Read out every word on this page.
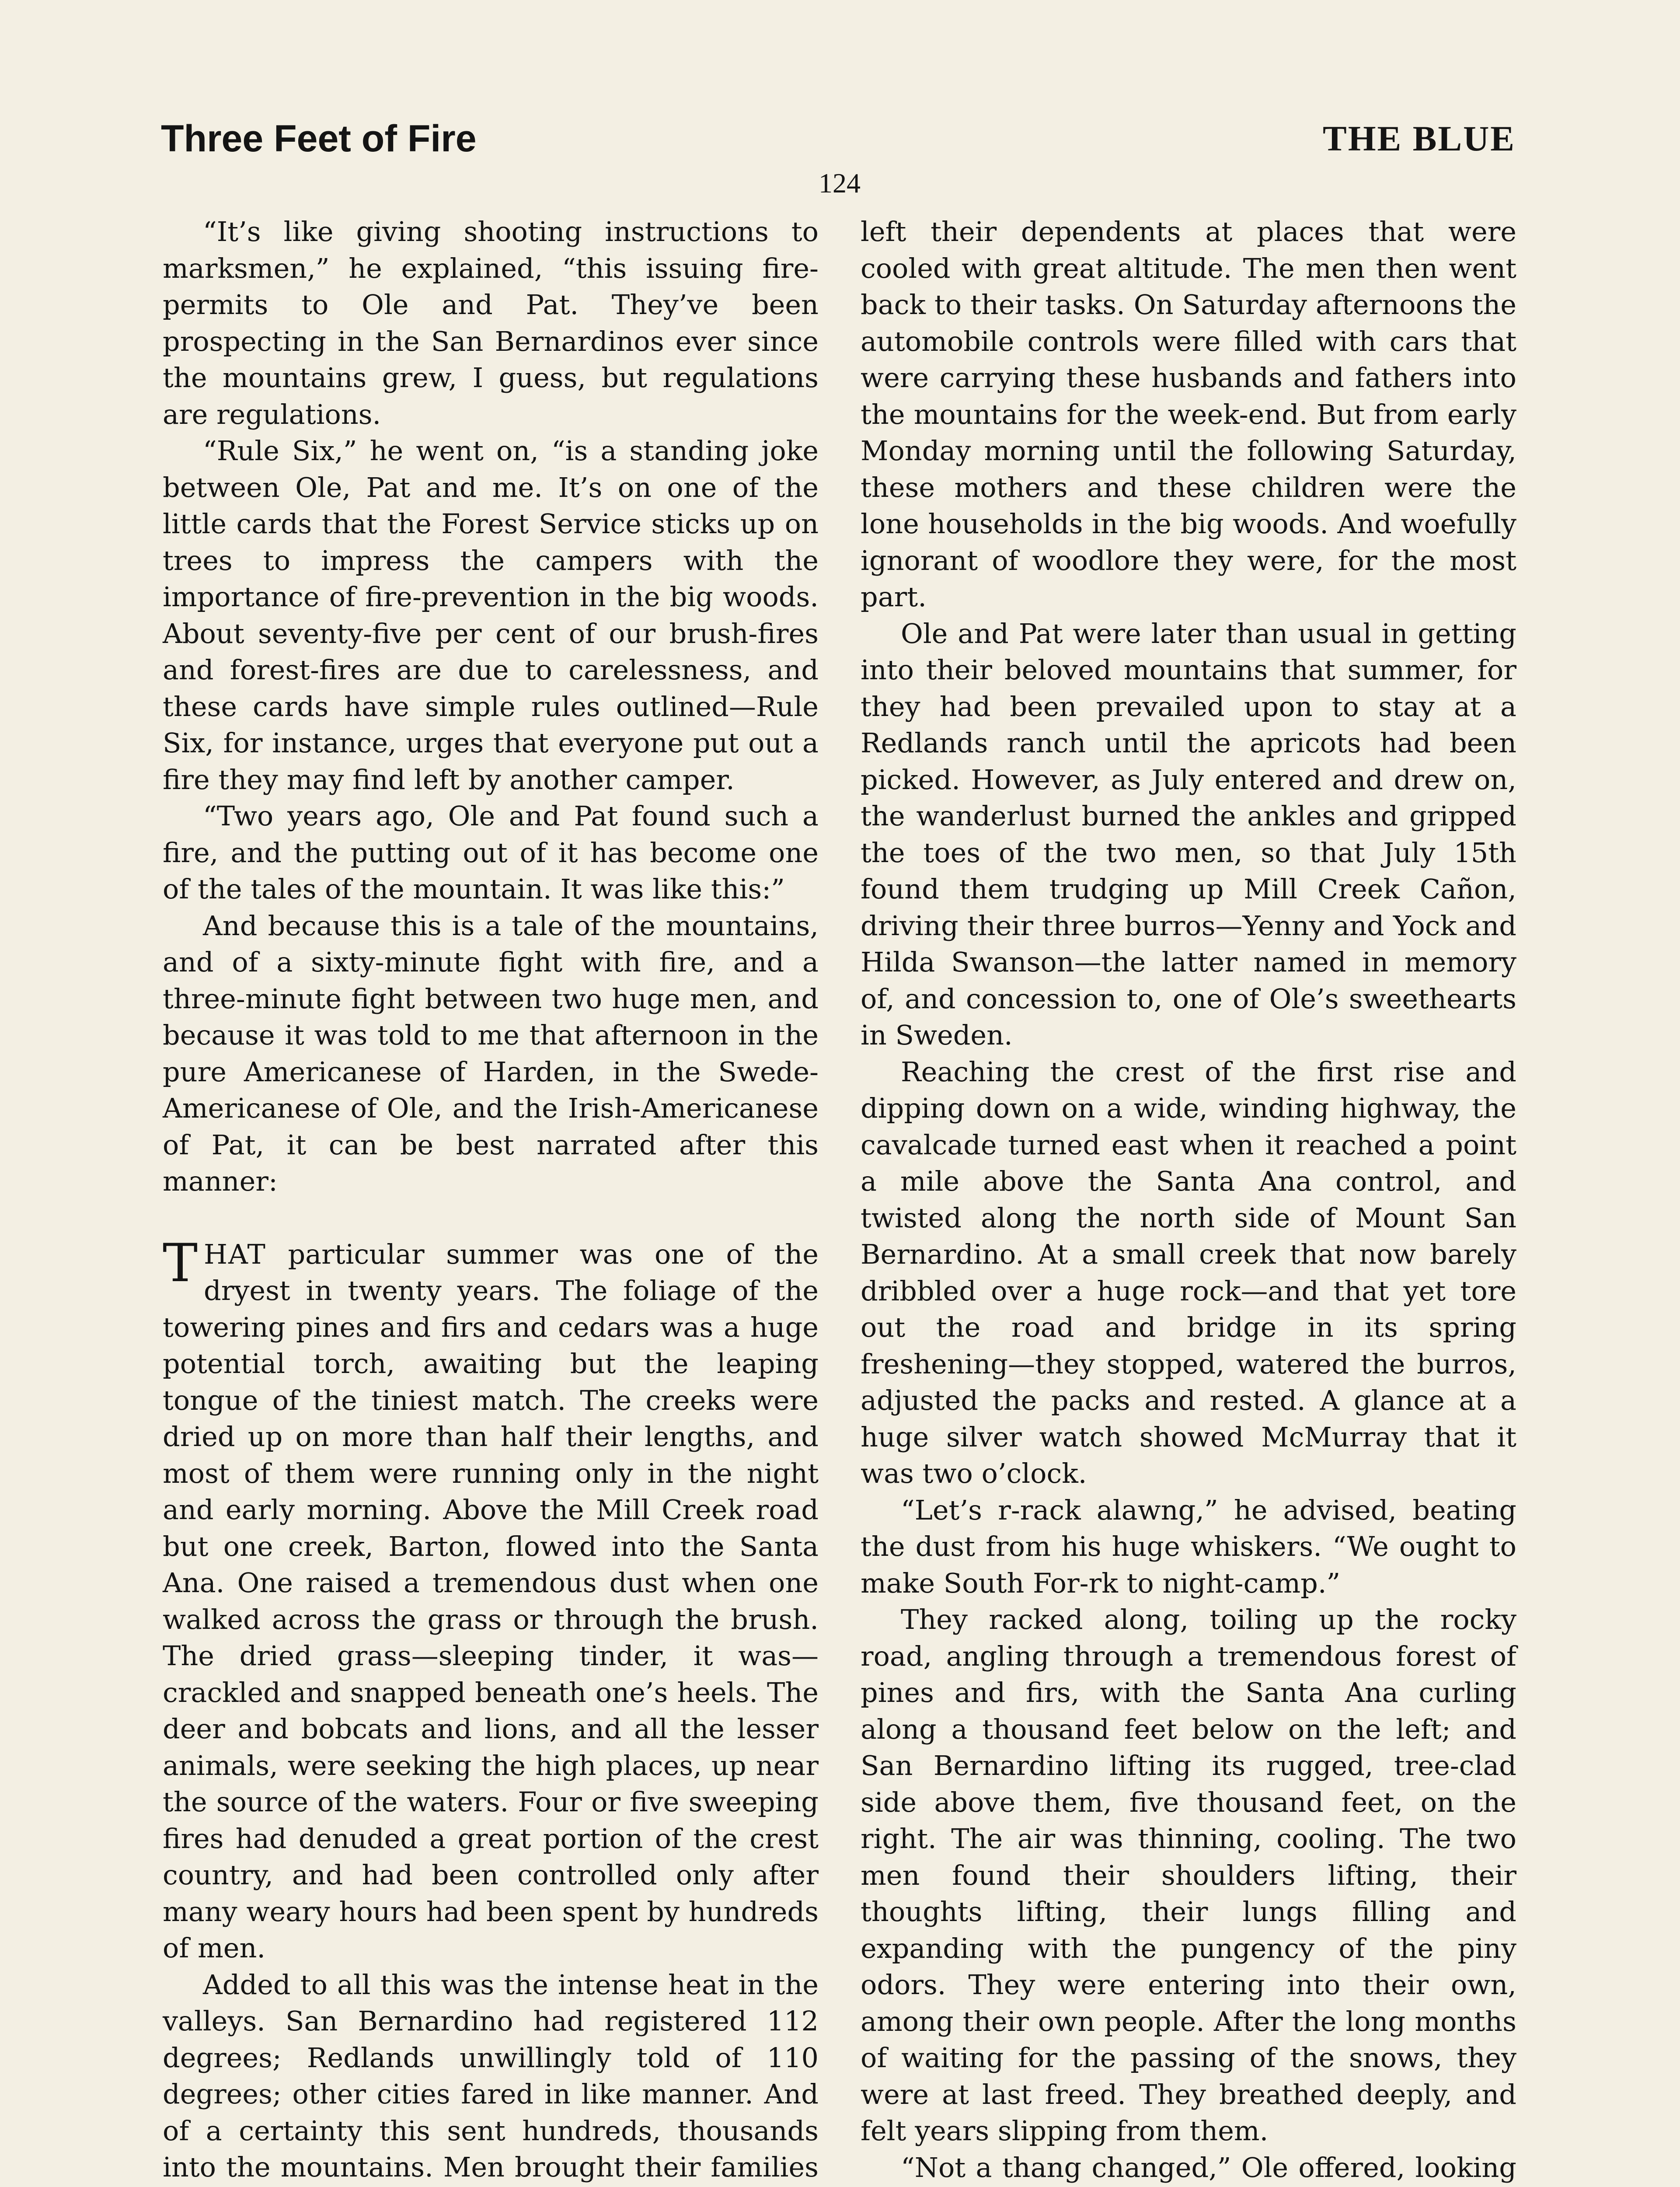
Three Feet of Fire	THE BLUE
124

“It’s like giving shooting instructions to marksmen,” he explained, “this issuing fire-permits to Ole and Pat. They’ve been prospecting in the San Bernardinos ever since the mountains grew, I guess, but regulations are regulations.

“Rule Six,” he went on, “is a standing joke between Ole, Pat and me. It’s on one of the little cards that the Forest Service sticks up on trees to impress the campers with the importance of fire-prevention in the big woods. About seventy-five per cent of our brush-fires and forest-fires are due to carelessness, and these cards have simple rules outlined—Rule Six, for instance, urges that everyone put out a fire they may find left by another camper.

“Two years ago, Ole and Pat found such a fire, and the putting out of it has become one of the tales of the mountain. It was like this:”

And because this is a tale of the mountains, and of a sixty-minute fight with fire, and a three-minute fight between two huge men, and because it was told to me that afternoon in the pure Americanese of Harden, in the Swede-Americanese of Ole, and the Irish-Americanese of Pat, it can be best narrated after this manner:

THAT particular summer was one of the dryest in twenty years. The foliage of the towering pines and firs and cedars was a huge potential torch, awaiting but the leaping tongue of the tiniest match. The creeks were dried up on more than half their lengths, and most of them were running only in the night and early morning. Above the Mill Creek road but one creek, Barton, flowed into the Santa Ana. One raised a tremendous dust when one walked across the grass or through the brush. The dried grass—sleeping tinder, it was—crackled and snapped beneath one’s heels. The deer and bobcats and lions, and all the lesser animals, were seeking the high places, up near the source of the waters. Four or five sweeping fires had denuded a great portion of the crest country, and had been controlled only after many weary hours had been spent by hundreds of men.

Added to all this was the intense heat in the valleys. San Bernardino had registered 112 degrees; Redlands unwillingly told of 110 degrees; other cities fared in like manner. And of a certainty this sent hundreds, thousands into the mountains. Men brought their families

left their dependents at places that were cooled with great altitude. The men then went back to their tasks. On Saturday afternoons the automobile controls were filled with cars that were carrying these husbands and fathers into the mountains for the week-end. But from early Monday morning until the following Saturday, these mothers and these children were the lone households in the big woods. And woefully ignorant of woodlore they were, for the most part.

Ole and Pat were later than usual in getting into their beloved mountains that summer, for they had been prevailed upon to stay at a Redlands ranch until the apricots had been picked. However, as July entered and drew on, the wanderlust burned the ankles and gripped the toes of the two men, so that July 15th found them trudging up Mill Creek Cañon, driving their three burros—Yenny and Yock and Hilda Swanson—the latter named in memory of, and concession to, one of Ole’s sweethearts in Sweden.

Reaching the crest of the first rise and dipping down on a wide, winding highway, the cavalcade turned east when it reached a point a mile above the Santa Ana control, and twisted along the north side of Mount San Bernardino. At a small creek that now barely dribbled over a huge rock—and that yet tore out the road and bridge in its spring freshening—they stopped, watered the burros, adjusted the packs and rested. A glance at a huge silver watch showed McMurray that it was two o’clock.

“Let’s r-rack alawng,” he advised, beating the dust from his huge whiskers. “We ought to make South For-rk to night-camp.”

They racked along, toiling up the rocky road, angling through a tremendous forest of pines and firs, with the Santa Ana curling along a thousand feet below on the left; and San Bernardino lifting its rugged, tree-clad side above them, five thousand feet, on the right. The air was thinning, cooling. The two men found their shoulders lifting, their thoughts lifting, their lungs filling and expanding with the pungency of the piny odors. They were entering into their own, among their own people. After the long months of waiting for the passing of the snows, they were at last freed. They breathed deeply, and felt years slipping from them.

“Not a thang changed,” Ole offered, looking
